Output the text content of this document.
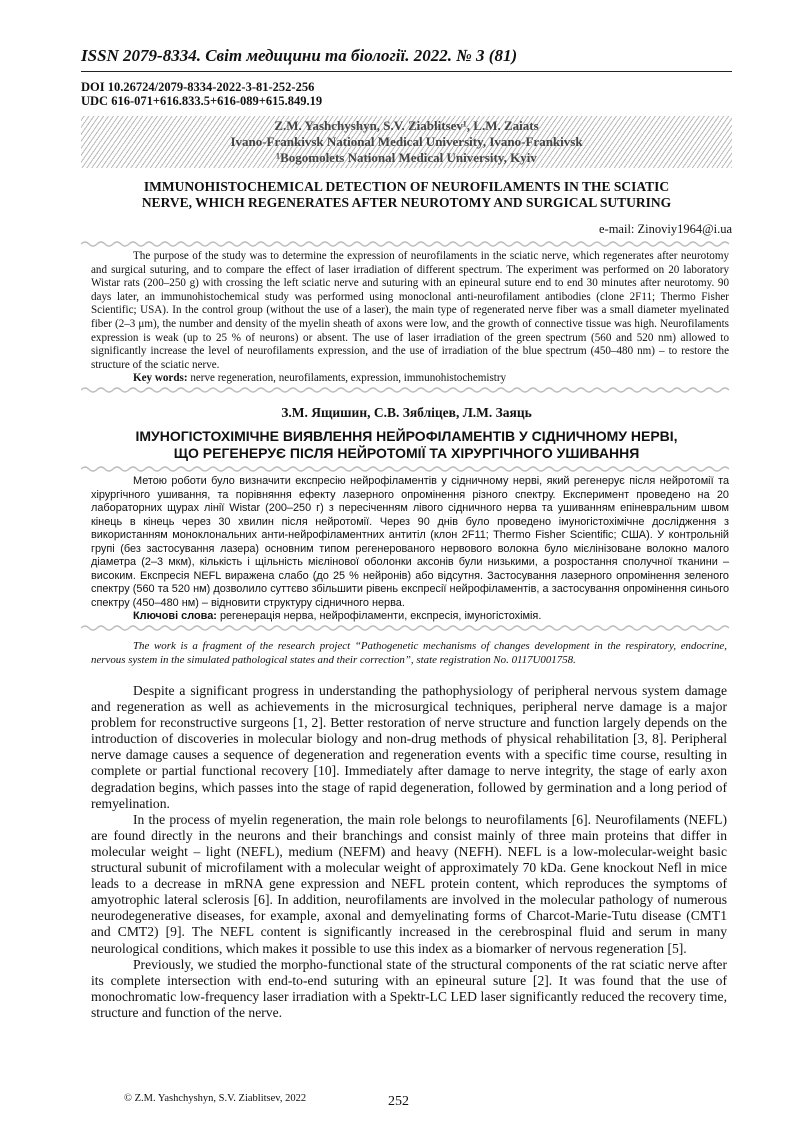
ISSN 2079-8334. Світ медицини та біології. 2022. № 3 (81)
DOI 10.26724/2079-8334-2022-3-81-252-256
UDC 616-071+616.833.5+616-089+615.849.19
Z.M. Yashchyshyn, S.V. Ziablitsev¹, L.M. Zaiats
Ivano-Frankivsk National Medical University, Ivano-Frankivsk
¹Bogomolets National Medical University, Kyiv
IMMUNOHISTOCHEMICAL DETECTION OF NEUROFILAMENTS IN THE SCIATIC
NERVE, WHICH REGENERATES AFTER NEUROTOMY AND SURGICAL SUTURING
e-mail: Zinoviy1964@i.ua
The purpose of the study was to determine the expression of neurofilaments in the sciatic nerve, which regenerates after neurotomy and surgical suturing, and to compare the effect of laser irradiation of different spectrum. The experiment was performed on 20 laboratory Wistar rats (200–250 g) with crossing the left sciatic nerve and suturing with an epineural suture end to end 30 minutes after neurotomy. 90 days later, an immunohistochemical study was performed using monoclonal anti-neurofilament antibodies (clone 2F11; Thermo Fisher Scientific; USA). In the control group (without the use of a laser), the main type of regenerated nerve fiber was a small diameter myelinated fiber (2–3 μm), the number and density of the myelin sheath of axons were low, and the growth of connective tissue was high. Neurofilaments expression is weak (up to 25 % of neurons) or absent. The use of laser irradiation of the green spectrum (560 and 520 nm) allowed to significantly increase the level of neurofilaments expression, and the use of irradiation of the blue spectrum (450–480 nm) – to restore the structure of the sciatic nerve.
Key words: nerve regeneration, neurofilaments, expression, immunohistochemistry
З.М. Ящишин, С.В. Зябліцев, Л.М. Заяць
ІМУНОГІСТОХІМІЧНЕ ВИЯВЛЕННЯ НЕЙРОФІЛАМЕНТІВ У СІДНИЧНОМУ НЕРВІ,
ЩО РЕГЕНЕРУЄ ПІСЛЯ НЕЙРОТОМІЇ ТА ХІРУРГІЧНОГО УШИВАННЯ
Метою роботи було визначити експресію нейрофіламентів у сідничному нерві, який регенерує після нейротомії та хірургічного ушивання, та порівняння ефекту лазерного опромінення різного спектру. Експеримент проведено на 20 лабораторних щурах лінії Wistar (200–250 г) з пересіченням лівого сідничного нерва та ушиванням епіневральним швом кінець в кінець через 30 хвилин після нейротомії. Через 90 днів було проведено імуногістохімічне дослідження з використанням моноклональних анти-нейрофіламентних антитіл (клон 2F11; Thermo Fisher Scientific; США). У контрольній групі (без застосування лазера) основним типом регенерованого нервового волокна було мієлінізоване волокно малого діаметра (2–3 мкм), кількість і щільність мієлінової оболонки аксонів були низькими, а розростання сполучної тканини – високим. Експресія NEFL виражена слабо (до 25 % нейронів) або відсутня. Застосування лазерного опромінення зеленого спектру (560 та 520 нм) дозволило суттєво збільшити рівень експресії нейрофіламентів, а застосування опромінення синього спектру (450–480 нм) – відновити структуру сідничного нерва.
Ключові слова: регенерація нерва, нейрофіламенти, експресія, імуногістохімія.
The work is a fragment of the research project “Pathogenetic mechanisms of changes development in the respiratory, endocrine, nervous system in the simulated pathological states and their correction”, state registration No. 0117U001758.

Despite a significant progress in understanding the pathophysiology of peripheral nervous system damage and regeneration as well as achievements in the microsurgical techniques, peripheral nerve damage is a major problem for reconstructive surgeons [1, 2]. Better restoration of nerve structure and function largely depends on the introduction of discoveries in molecular biology and non-drug methods of physical rehabilitation [3, 8]. Peripheral nerve damage causes a sequence of degeneration and regeneration events with a specific time course, resulting in complete or partial functional recovery [10]. Immediately after damage to nerve integrity, the stage of early axon degradation begins, which passes into the stage of rapid degeneration, followed by germination and a long period of remyelination.

In the process of myelin regeneration, the main role belongs to neurofilaments [6]. Neurofilaments (NEFL) are found directly in the neurons and their branchings and consist mainly of three main proteins that differ in molecular weight – light (NEFL), medium (NEFM) and heavy (NEFH). NEFL is a low-molecular-weight basic structural subunit of microfilament with a molecular weight of approximately 70 kDa. Gene knockout Nefl in mice leads to a decrease in mRNA gene expression and NEFL protein content, which reproduces the symptoms of amyotrophic lateral sclerosis [6]. In addition, neurofilaments are involved in the molecular pathology of numerous neurodegenerative diseases, for example, axonal and demyelinating forms of Charcot-Marie-Tutu disease (CMT1 and CMT2) [9]. The NEFL content is significantly increased in the cerebrospinal fluid and serum in many neurological conditions, which makes it possible to use this index as a biomarker of nervous regeneration [5].

Previously, we studied the morpho-functional state of the structural components of the rat sciatic nerve after its complete intersection with end-to-end suturing with an epineural suture [2]. It was found that the use of monochromatic low-frequency laser irradiation with a Spektr-LC LED laser significantly reduced the recovery time, structure and function of the nerve.

© Z.M. Yashchyshyn, S.V. Ziablitsev, 2022	252
